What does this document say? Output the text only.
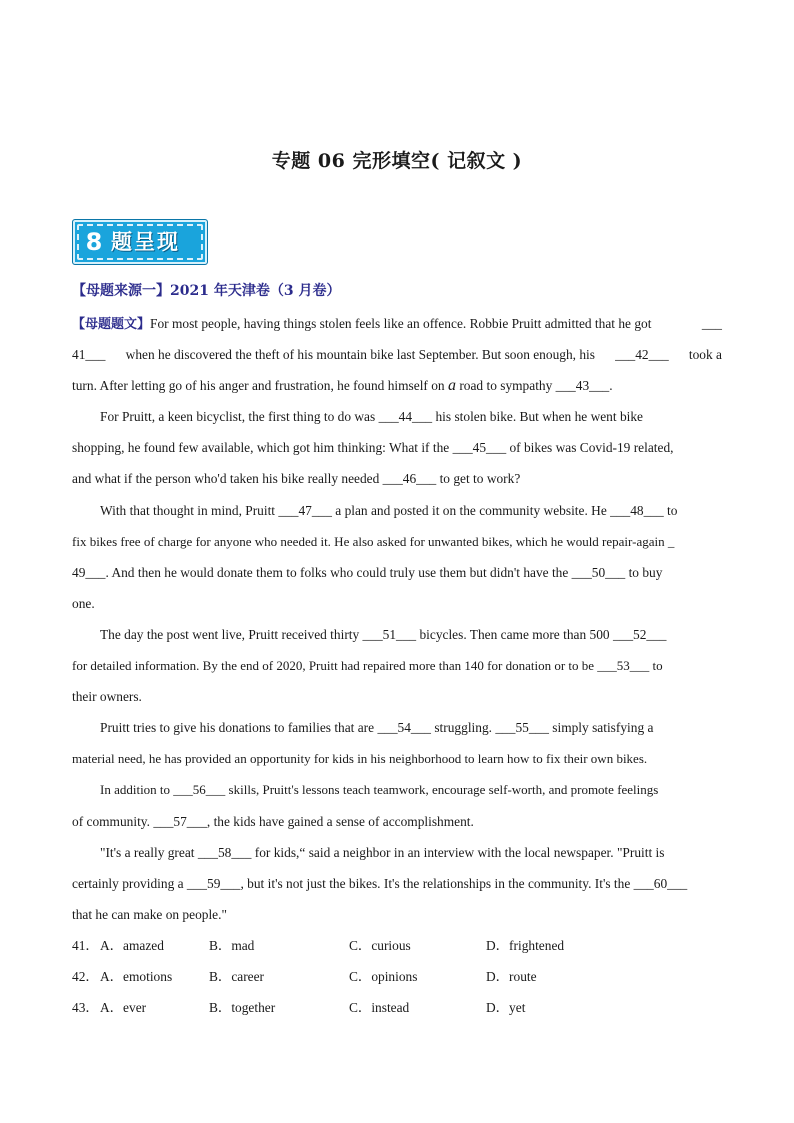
专题 06 完形填空( 记叙文 )
8 题呈现
【母题来源一】2021 年天津卷（3 月卷）
【母题题文】For most people, having things stolen feels like an offence. Robbie Pruitt admitted that he got	___
41___ when he discovered the theft of his mountain bike last September. But soon enough, his ___42___ took a
turn. After letting go of his anger and frustration, he found himself on a road to sympathy ___43___.
For Pruitt, a keen bicyclist, the first thing to do was ___44___ his stolen bike. But when he went bike
shopping, he found few available, which got him thinking: What if the ___45___ of bikes was Covid-19 related,
and what if the person who'd taken his bike really needed ___46___ to get to work?
With that thought in mind, Pruitt ___47___ a plan and posted it on the community website. He ___48___ to
fix bikes free of charge for anyone who needed it. He also asked for unwanted bikes, which he would repair-again _
49___. And then he would donate them to folks who could truly use them but didn't have the ___50___ to buy
one.
The day the post went live, Pruitt received thirty ___51___ bicycles. Then came more than 500 ___52___
for detailed information. By the end of 2020, Pruitt had repaired more than 140 for donation or to be ___53___ to
their owners.
Pruitt tries to give his donations to families that are ___54___ struggling. ___55___ simply satisfying a
material need, he has provided an opportunity for kids in his neighborhood to learn how to fix their own bikes.
In addition to ___56___ skills, Pruitt's lessons teach teamwork, encourage self-worth, and promote feelings
of community. ___57___, the kids have gained a sense of accomplishment.
"It's a really great ___58___ for kids,“ said a neighbor in an interview with the local newspaper. "Pruitt is
certainly providing a ___59___, but it's not just the bikes. It's the relationships in the community. It's the ___60___
that he can make on people."
41． A．amazed	B．mad	C．curious	D．frightened
42． A．emotions	B．career	C．opinions	D．route
43． A．ever	B．together	C．instead	D．yet
